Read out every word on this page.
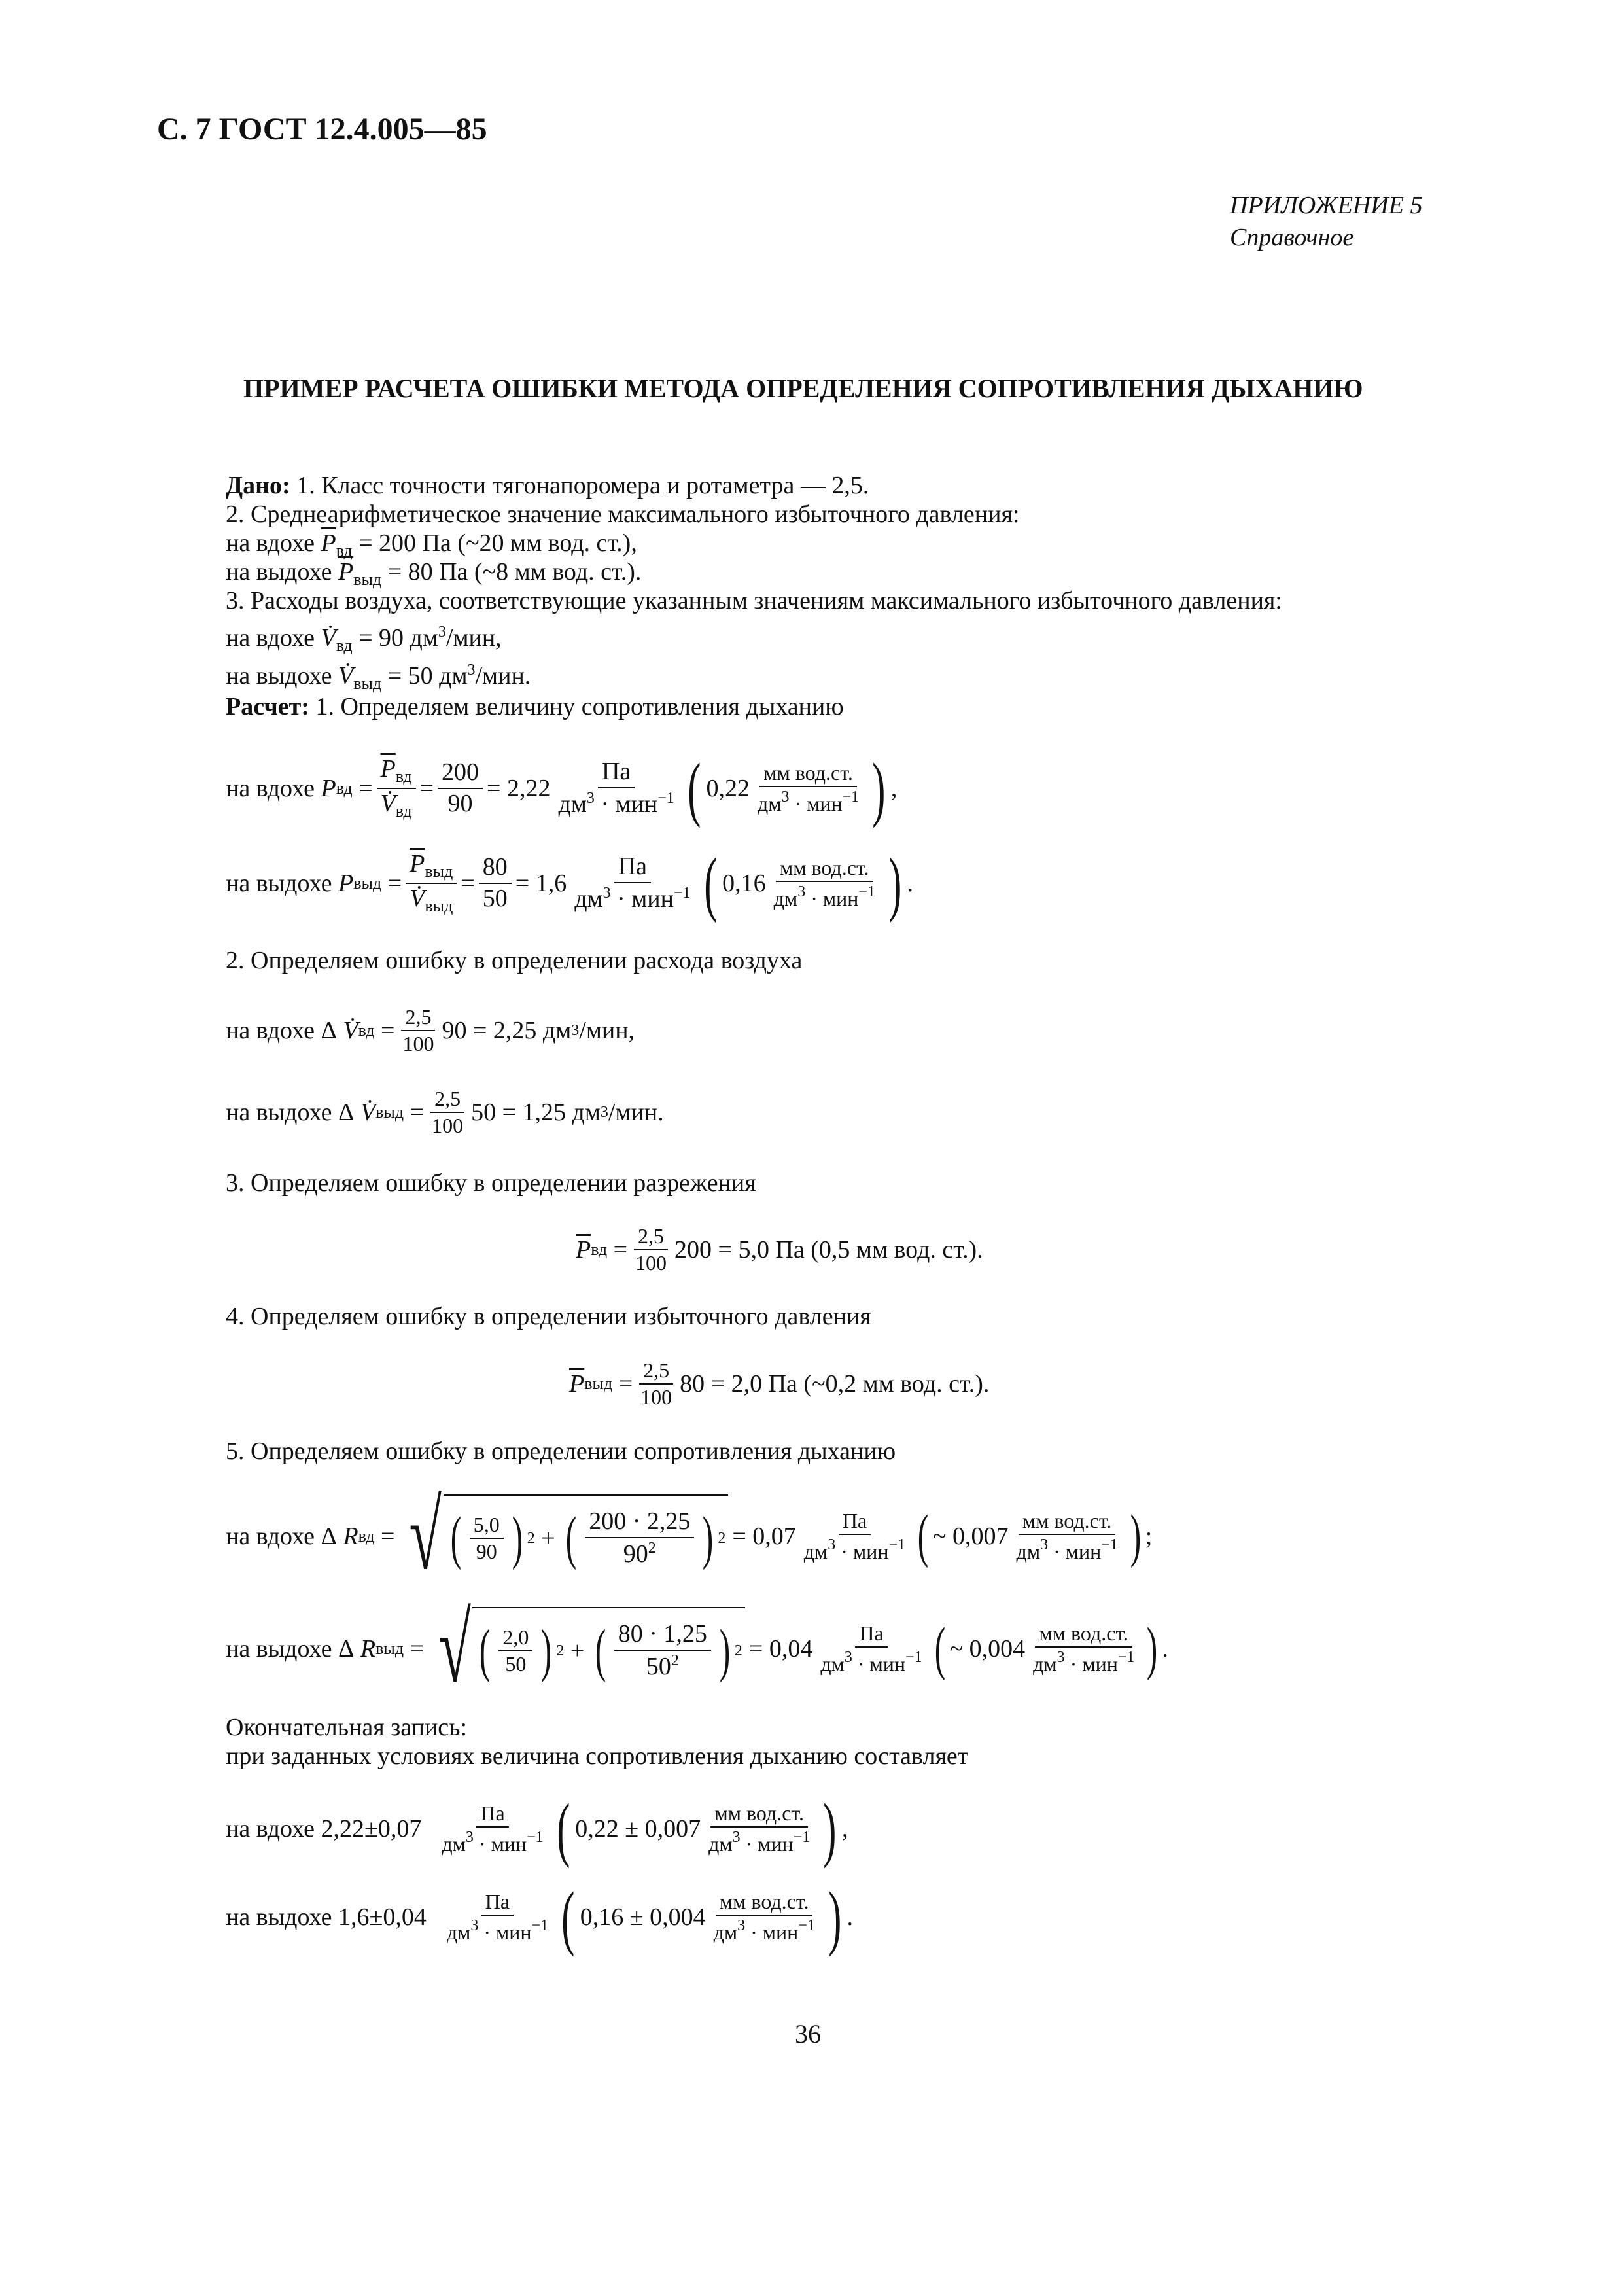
С. 7 ГОСТ 12.4.005—85
ПРИЛОЖЕНИЕ 5
Справочное
ПРИМЕР РАСЧЕТА ОШИБКИ МЕТОДА ОПРЕДЕЛЕНИЯ СОПРОТИВЛЕНИЯ ДЫХАНИЮ
Дано: 1. Класс точности тягонапоромера и ротаметра — 2,5.
2. Среднеарифметическое значение максимального избыточного давления:
на вдохе $\overline{P}_{вд} = 200$ Па (~20 мм вод. ст.),
на выдохе $\overline{P}_{выд} = 80$ Па (~8 мм вод. ст.).
3. Расходы воздуха, соответствующие указанным значениям максимального избыточного давления:
на вдохе $V̇_{вд} = 90$ $дм^3$/мин,
на выдохе $V̇_{выд} = 50$ $дм^3$/мин.
Расчет: 1. Определяем величину сопротивления дыханию
на вдохе
P вд
= $\frac{\overline{P}_{вд}}{V̇_{вд}} = \frac{200}{90} = 2,22 \frac{Па}{дм^3 \cdot мин^{-1}}$ ( $0,22 \frac{\text{мм вод.ст.}}{дм^3 \cdot мин^{-1}}$ ) ,
на выдохе
P выд
= $\frac{\overline{P}_{выд}}{V̇_{выд}} = \frac{80}{50} = 1,6 \frac{Па}{дм^3 \cdot мин^{-1}}$ ( $0,16 \frac{\text{мм вод.ст.}}{дм^3 \cdot мин^{-1}}$ ) .
2. Определяем ошибку в определении расхода воздуха
на вдохе
Δ
V̇ вд
= $\frac{2,5}{100} 90 = 2,25$ дм 3 /мин,
на выдохе
Δ
V̇ выд
= $\frac{2,5}{100} 50 = 1,25$ дм 3 /мин.
3. Определяем ошибку в определении разрежения
$\overline{P}$ вд
= $\frac{2,5}{100} 200 = 5,0$ Па (0,5 мм вод. ст.).
4. Определяем ошибку в определении избыточного давления
$\overline{P}$ выд
= $\frac{2,5}{100} 80 = 2,0$ Па (~0,2 мм вод. ст.).
5. Определяем ошибку в определении сопротивления дыханию
на вдохе
Δ
R вд
= √ ( $\frac{5,0}{90}$ ) 2
+
( $\frac{200 \cdot 2,25}{90^2}$ ) $2 = 0,07 \frac{Па}{дм^3 \cdot мин^{-1}}$ ( ~ $0,007 \frac{\text{мм вод.ст.}}{дм^3 \cdot мин^{-1}}$ ) ;
на выдохе
Δ
R выд
= √ ( $\frac{2,0}{50}$ ) 2
+
( $\frac{80 \cdot 1,25}{50^2}$ ) $2 = 0,04 \frac{Па}{дм^3 \cdot мин^{-1}}$ ( ~ $0,004 \frac{\text{мм вод.ст.}}{дм^3 \cdot мин^{-1}}$ ) .
Окончательная запись:
при заданных условиях величина сопротивления дыханию составляет
на вдохе 2,22±0,07
$\frac{Па}{дм^3 \cdot мин^{-1}}$ ( $0,22 \pm 0,007 \frac{\text{мм вод.ст.}}{дм^3 \cdot мин^{-1}}$ ) ,
на выдохе 1,6±0,04
$\frac{Па}{дм^3 \cdot мин^{-1}}$ ( $0,16 \pm 0,004 \frac{\text{мм вод.ст.}}{дм^3 \cdot мин^{-1}}$ ) .
36
